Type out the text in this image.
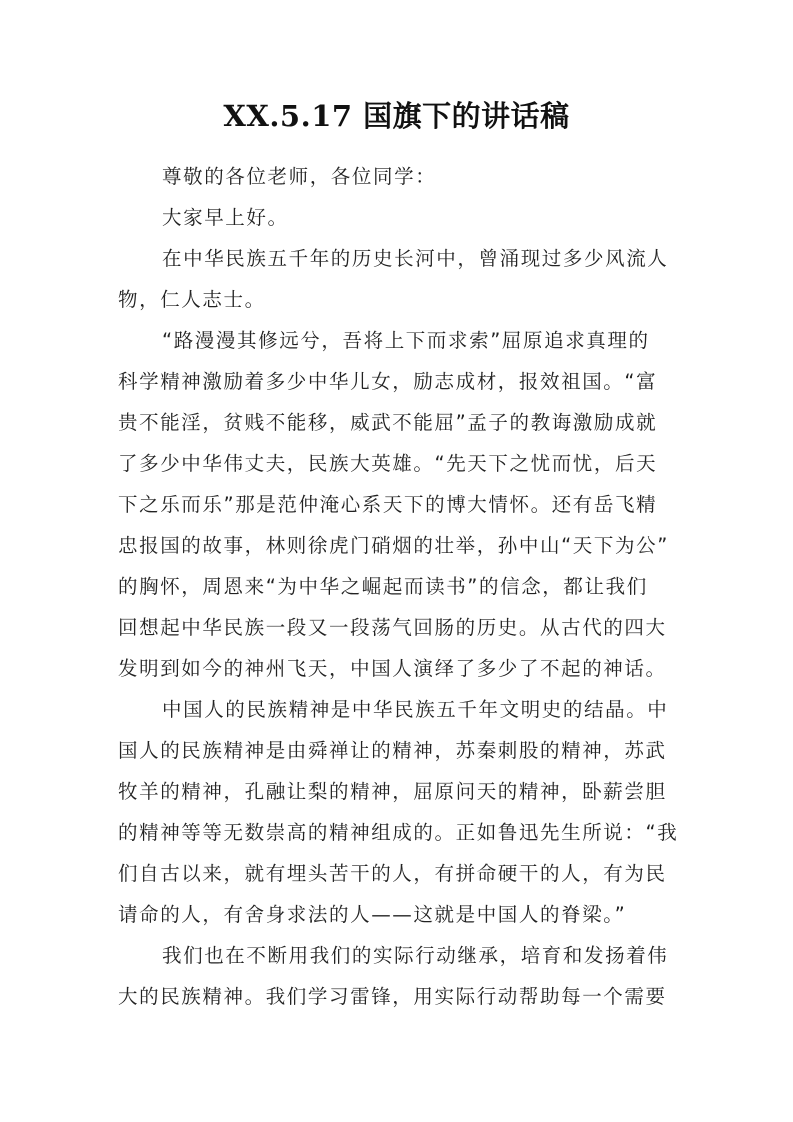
XX.5.17 国旗下的讲话稿
尊敬的各位老师，各位同学：
大家早上好。
在中华民族五千年的历史长河中，曾涌现过多少风流人
物，仁人志士。
“路漫漫其修远兮，吾将上下而求索”屈原追求真理的
科学精神激励着多少中华儿女，励志成材，报效祖国。“富
贵不能淫，贫贱不能移，威武不能屈”孟子的教诲激励成就
了多少中华伟丈夫，民族大英雄。“先天下之忧而忧，后天
下之乐而乐”那是范仲淹心系天下的博大情怀。还有岳飞精
忠报国的故事，林则徐虎门硝烟的壮举，孙中山“天下为公”
的胸怀，周恩来“为中华之崛起而读书”的信念，都让我们
回想起中华民族一段又一段荡气回肠的历史。从古代的四大
发明到如今的神州飞天，中国人演绎了多少了不起的神话。
中国人的民族精神是中华民族五千年文明史的结晶。中
国人的民族精神是由舜禅让的精神，苏秦刺股的精神，苏武
牧羊的精神，孔融让梨的精神，屈原问天的精神，卧薪尝胆
的精神等等无数崇高的精神组成的。正如鲁迅先生所说：“我
们自古以来，就有埋头苦干的人，有拼命硬干的人，有为民
请命的人，有舍身求法的人——这就是中国人的脊梁。”
我们也在不断用我们的实际行动继承，培育和发扬着伟
大的民族精神。我们学习雷锋，用实际行动帮助每一个需要
